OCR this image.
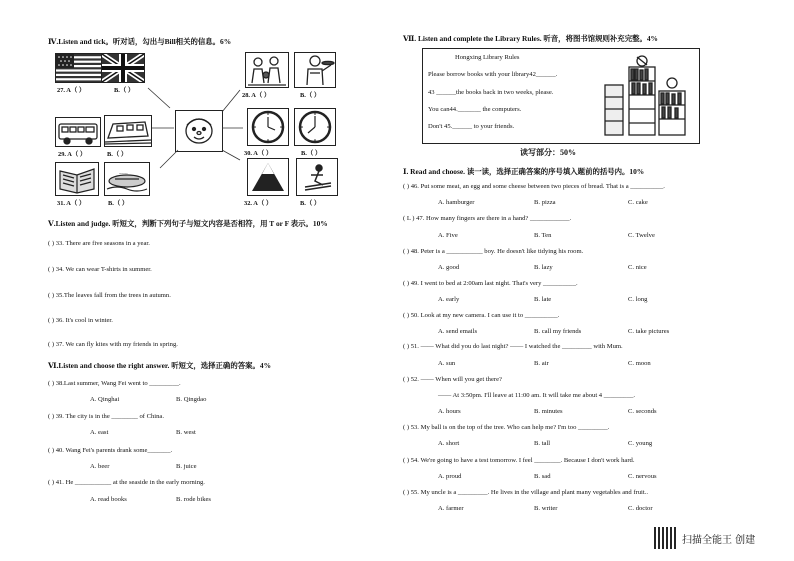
Ⅳ.Listen and tick。听对话，勾出与Bill相关的信息。6%
27. A（ ）	B.（ ）
28. A（ ）	B.（ ）
29. A（ ）	B.（ ）	30. A（ ）	B.（ ）
~~~~
31. A（ ）	B.（ ）	32. A（ ）	B.（ ）
Ⅴ.Listen and judge. 听短文，判断下列句子与短文内容是否相符，用 T or F 表示。10%
( ) 33. There are five seasons in a year.
( ) 34. We can wear T-shirts in summer.
( ) 35.The leaves fall from the trees in autumn.
( ) 36. It's cool in winter.
( ) 37. We can fly kites with my friends in spring.
Ⅵ.Listen and choose the right answer. 听短文，选择正确的答案。4%
( ) 38.Last summer, Wang Fei went to _________.
A. Qinghai	B. Qingdao
( ) 39. The city is in the ________ of China.
A. east	B. west
( ) 40. Wang Fei's parents drank some_______.
A. beer	B. juice
( ) 41. He ___________ at the seaside in the early morning.
A. read books	B. rode bikes
Ⅶ. Listen and complete the Library Rules. 听音，将图书馆规则补充完整。4%
Hongxing Library Rules
Please borrow books with your library42______.
43 ______the books back in two weeks, please.
You can44._______ the computers.
Don't 45.______ to your friends.
读写部分：50%
Ⅰ. Read and choose. 读一读，选择正确答案的序号填入题前的括号内。10%
( ) 46. Put some meat, an egg and some cheese between two pieces of bread. That is a __________.
A. hamburger	B. pizza	C. cake
( L ) 47. How many fingers are there in a hand? ____________.
A. Five	B. Ten	C. Twelve
( ) 48. Peter is a ___________ boy. He doesn't like tidying his room.
A. good	B. lazy	C. nice
( ) 49. I went to bed at 2:00am last night. That's very __________.
A. early	B. late	C. long
( ) 50. Look at my new camera. I can use it to __________.
A. send emails	B. call my friends	C. take pictures
( ) 51. —— What did you do last night? —— I watched the _________ with Mum.
A. sun	B. air	C. moon
( ) 52. —— When will you get there?
—— At 3:50pm. I'll leave at 11:00 am. It will take me about 4 _________.
A. hours	B. minutes	C. seconds
( ) 53. My ball is on the top of the tree. Who can help me? I'm too _________.
A. short	B. tall	C. young
( ) 54. We're going to have a test tomorrow. I feel ________. Because I don't work hard.
A. proud	B. sad	C. nervous
( ) 55. My uncle is a _________. He lives in the village and plant many vegetables and fruit..
A. farmer	B. writer	C. doctor
扫描全能王 创建
